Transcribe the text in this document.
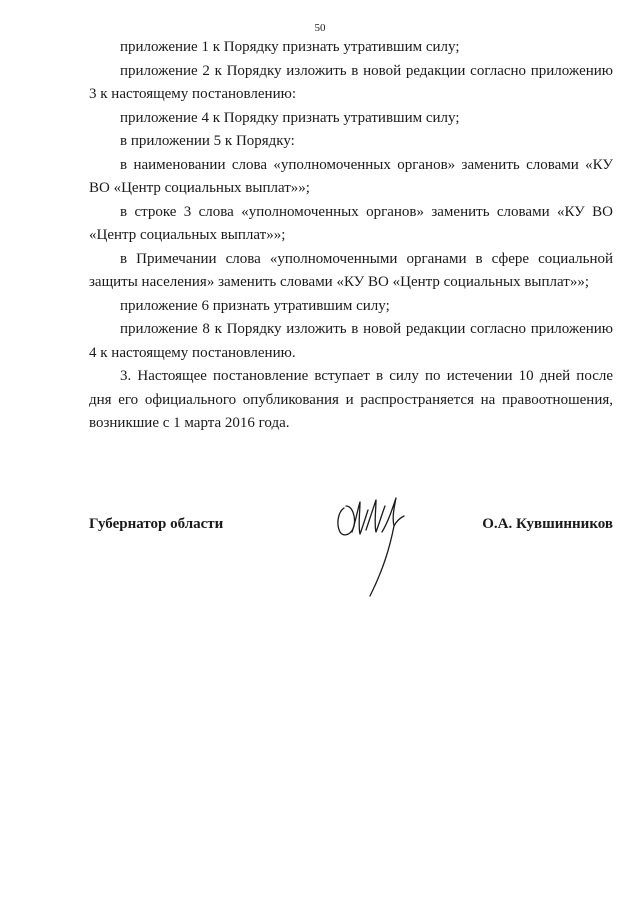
50

приложение 1 к Порядку признать утратившим силу;

приложение 2 к Порядку изложить в новой редакции согласно приложению 3 к настоящему постановлению:

приложение 4 к Порядку признать утратившим силу;

в приложении 5 к Порядку:

в наименовании слова «уполномоченных органов» заменить словами «КУ ВО «Центр социальных выплат»»;

в строке 3 слова «уполномоченных органов» заменить словами «КУ ВО «Центр социальных выплат»»;

в Примечании слова «уполномоченными органами в сфере социальной защиты населения» заменить словами «КУ ВО «Центр социальных выплат»»;

приложение 6 признать утратившим силу;

приложение 8 к Порядку изложить в новой редакции согласно приложению 4 к настоящему постановлению.

3. Настоящее постановление вступает в силу по истечении 10 дней после дня его официального опубликования и распространяется на правоотношения, возникшие с 1 марта 2016 года.

Губернатор области	О.А. Кувшинников
